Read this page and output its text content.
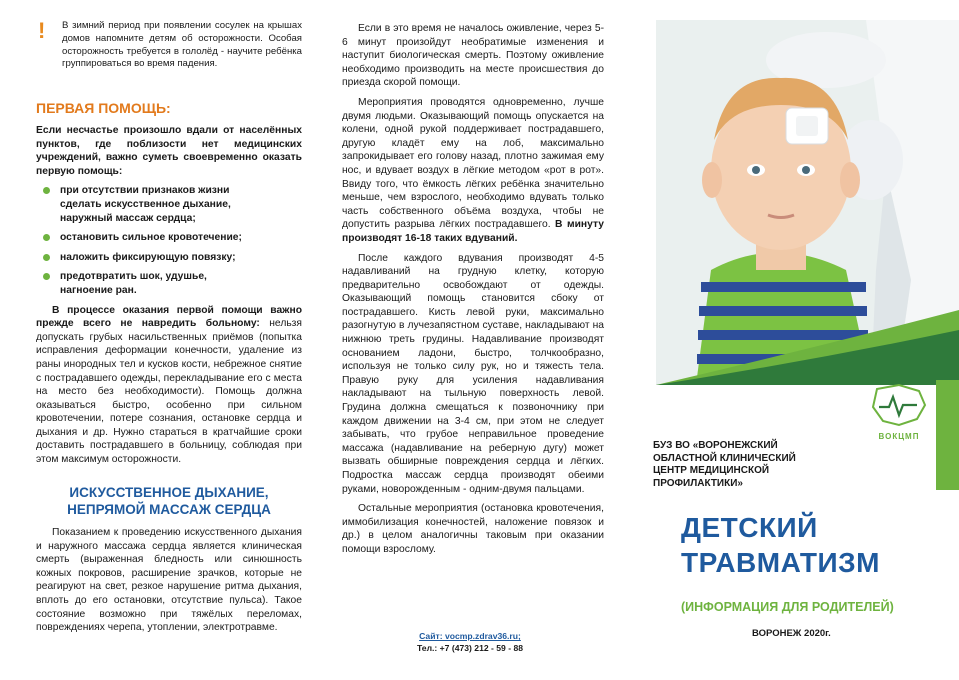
! В зимний период при появлении сосулек на крышах домов напомните детям об осторожности. Особая осторожность требуется в гололёд - научите ребёнка группироваться во время падения.

ПЕРВАЯ ПОМОЩЬ:

Если несчастье произошло вдали от населённых пунктов, где поблизости нет медицинских учреждений, важно суметь своевременно оказать первую помощь:

при отсутствии признаков жизни сделать искусственное дыхание, наружный массаж сердца;
остановить сильное кровотечение;
наложить фиксирующую повязку;
предотвратить шок, удушье, нагноение ран.

В процессе оказания первой помощи важно прежде всего не навредить больному: нельзя допускать грубых насильственных приёмов (попытка исправления деформации конечности, удаление из раны инородных тел и кусков кости, небрежное снятие с пострадавшего одежды, перекладывание его с места на место без необходимости). Помощь должна оказываться быстро, особенно при сильном кровотечении, потере сознания, остановке сердца и дыхания и др. Нужно стараться в кратчайшие сроки доставить пострадавшего в больницу, соблюдая при этом максимум осторожности.

ИСКУССТВЕННОЕ ДЫХАНИЕ,
НЕПРЯМОЙ МАССАЖ СЕРДЦА

Показанием к проведению искусственного дыхания и наружного массажа сердца является клиническая смерть (выраженная бледность или синюшность кожных покровов, расширение зрачков, которые не реагируют на свет, резкое нарушение ритма дыхания, вплоть до его остановки, отсутствие пульса). Такое состояние возможно при тяжёлых переломах, повреждениях черепа, утоплении, электротравме.

Если в это время не началось оживление, через 5-6 минут произойдут необратимые изменения и наступит биологическая смерть. Поэтому оживление необходимо производить на месте происшествия до приезда скорой помощи.

Мероприятия проводятся одновременно, лучше двумя людьми. Оказывающий помощь опускается на колени, одной рукой поддерживает пострадавшего, другую кладёт ему на лоб, максимально запрокидывает его голову назад, плотно зажимая ему нос, и вдувает воздух в лёгкие методом «рот в рот». Ввиду того, что ёмкость лёгких ребёнка значительно меньше, чем взрослого, необходимо вдувать только часть собственного объёма воздуха, чтобы не допустить разрыва лёгких пострадавшего. В минуту производят 16-18 таких вдуваний.

После каждого вдувания производят 4-5 надавливаний на грудную клетку, которую предварительно освобождают от одежды. Оказывающий помощь становится сбоку от пострадавшего. Кисть левой руки, максимально разогнутую в лучезапястном суставе, накладывают на нижнюю треть грудины. Надавливание производят основанием ладони, быстро, толчкообразно, используя не только силу рук, но и тяжесть тела. Правую руку для усиления надавливания накладывают на тыльную поверхность левой. Грудина должна смещаться к позвоночнику при каждом движении на 3-4 см, при этом не следует забывать, что грубое неправильное проведение массажа (надавливание на реберную дугу) может вызвать обширные повреждения сердца и лёгких. Подростка массаж сердца производят обеими руками, новорожденным - одним-двумя пальцами.

Остальные мероприятия (остановка кровотечения, иммобилизация конечностей, наложение повязок и др.) в целом аналогичны таковым при оказании помощи взрослому.

Сайт: vocmp.zdrav36.ru;
Тел.: +7 (473) 212 - 59 - 88
ВОКЦМП
БУЗ ВО «ВОРОНЕЖСКИЙ
ОБЛАСТНОЙ КЛИНИЧЕСКИЙ
ЦЕНТР МЕДИЦИНСКОЙ
ПРОФИЛАКТИКИ»
ДЕТСКИЙ
ТРАВМАТИЗМ
(ИНФОРМАЦИЯ ДЛЯ РОДИТЕЛЕЙ)
ВОРОНЕЖ 2020г.
